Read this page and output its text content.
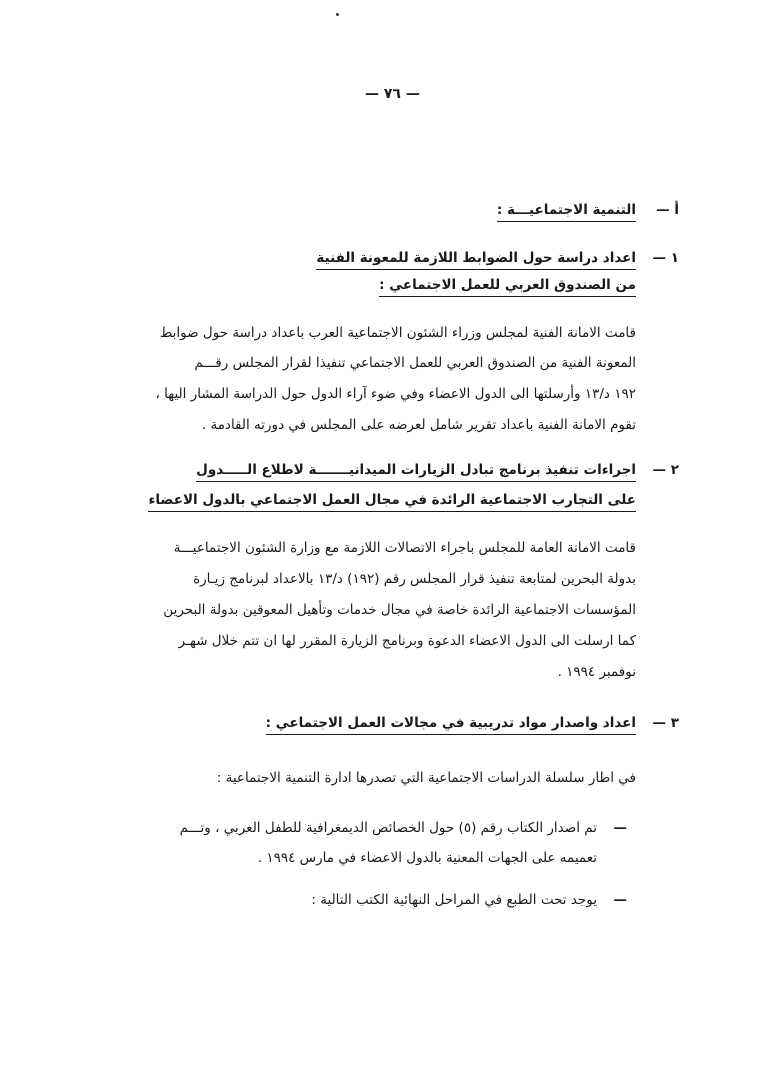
— ٧٦ —
أ —
التنمية الاجتماعيـــة :
١ —
اعداد دراسة حول الضوابط اللازمة للمعونة الفنية
من الصندوق العربي للعمل الاجتماعي :
قامت الامانة الفنية لمجلس وزراء الشئون الاجتماعية العرب باعداد دراسة حول ضوابط
المعونة الفنية من الصندوق العربي للعمل الاجتماعي تنفيذا لقرار المجلس رقـــم
١٩٢ د/١٣ وأرسلتها الى الدول الاعضاء وفي ضوء آراء الدول حول الدراسة المشار اليها ،
تقوم الامانة الفنية باعداد تقرير شامل لعرضه على المجلس في دورته القادمة .
٢ —
اجراءات تنفيذ برنامج تبادل الزيارات الميدانيـــــــة لاطلاع الـــــدول
على التجارب الاجتماعية الرائدة في مجال العمل الاجتماعي بالدول الاعضاء
قامت الامانة العامة للمجلس باجراء الاتصالات اللازمة مع وزارة الشئون الاجتماعيـــة
بدولة البحرين لمتابعة تنفيذ قرار المجلس رقم (١٩٢) د/١٣ بالاعداد لبرنامج زيـارة
المؤسسات الاجتماعية الرائدة خاصة في مجال خدمات وتأهيل المعوقين بدولة البحرين
كما ارسلت الى الدول الاعضاء الدعوة وبرنامج الزيارة المقرر لها ان تتم خلال شهـر
نوفمبر ١٩٩٤ .
٣ —
اعداد واصدار مواد تدريبية في مجالات العمل الاجتماعي :
في اطار سلسلة الدراسات الاجتماعية التي تصدرها ادارة التنمية الاجتماعية :
—
تم اصدار الكتاب رقم (٥) حول الخصائص الديمغرافية للطفل العربي ، وتـــم
تعميمه على الجهات المعنية بالدول الاعضاء في مارس ١٩٩٤ .
—
يوجد تحت الطبع في المراحل النهائية الكتب التالية :
